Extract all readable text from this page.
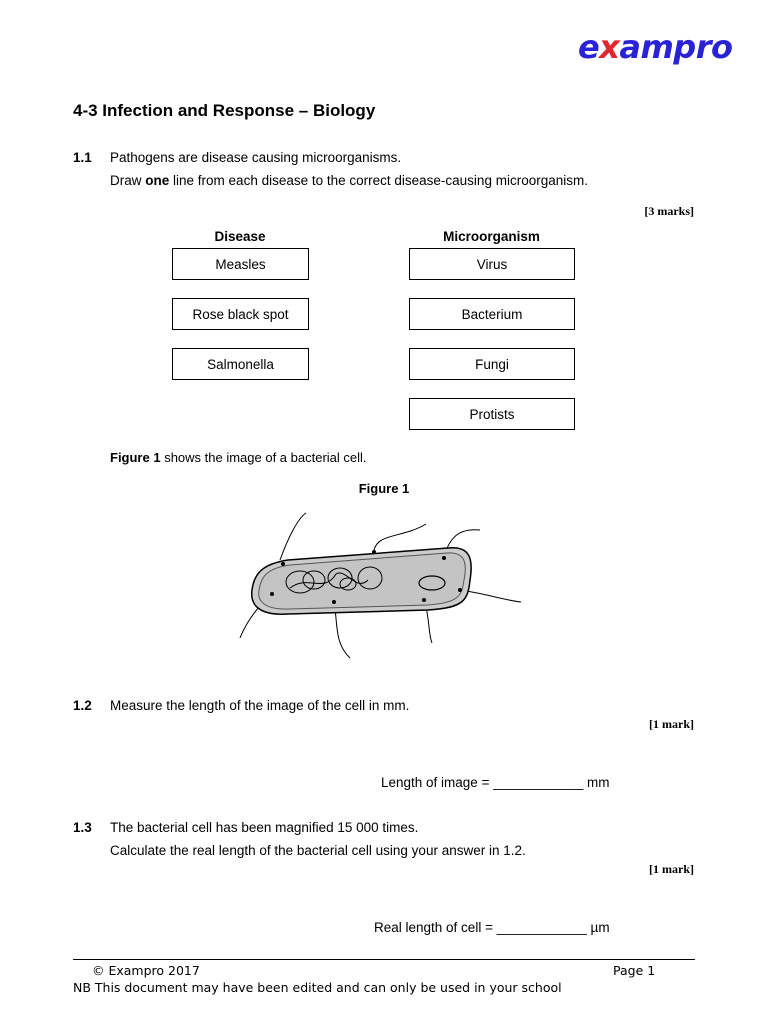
exampro
4-3 Infection and Response – Biology
1.1 Pathogens are disease causing microorganisms.
Draw one line from each disease to the correct disease-causing microorganism.
[3 marks]
Disease	Microorganism
Measles
Rose black spot
Salmonella
Virus
Bacterium
Fungi
Protists
Figure 1 shows the image of a bacterial cell.
Figure 1
1.2 Measure the length of the image of the cell in mm.
[1 mark]
Length of image = ____________ mm
1.3 The bacterial cell has been magnified 15 000 times.
Calculate the real length of the bacterial cell using your answer in 1.2.
[1 mark]
Real length of cell = ____________ µm
© Exampro 2017	Page 1
NB This document may have been edited and can only be used in your school
